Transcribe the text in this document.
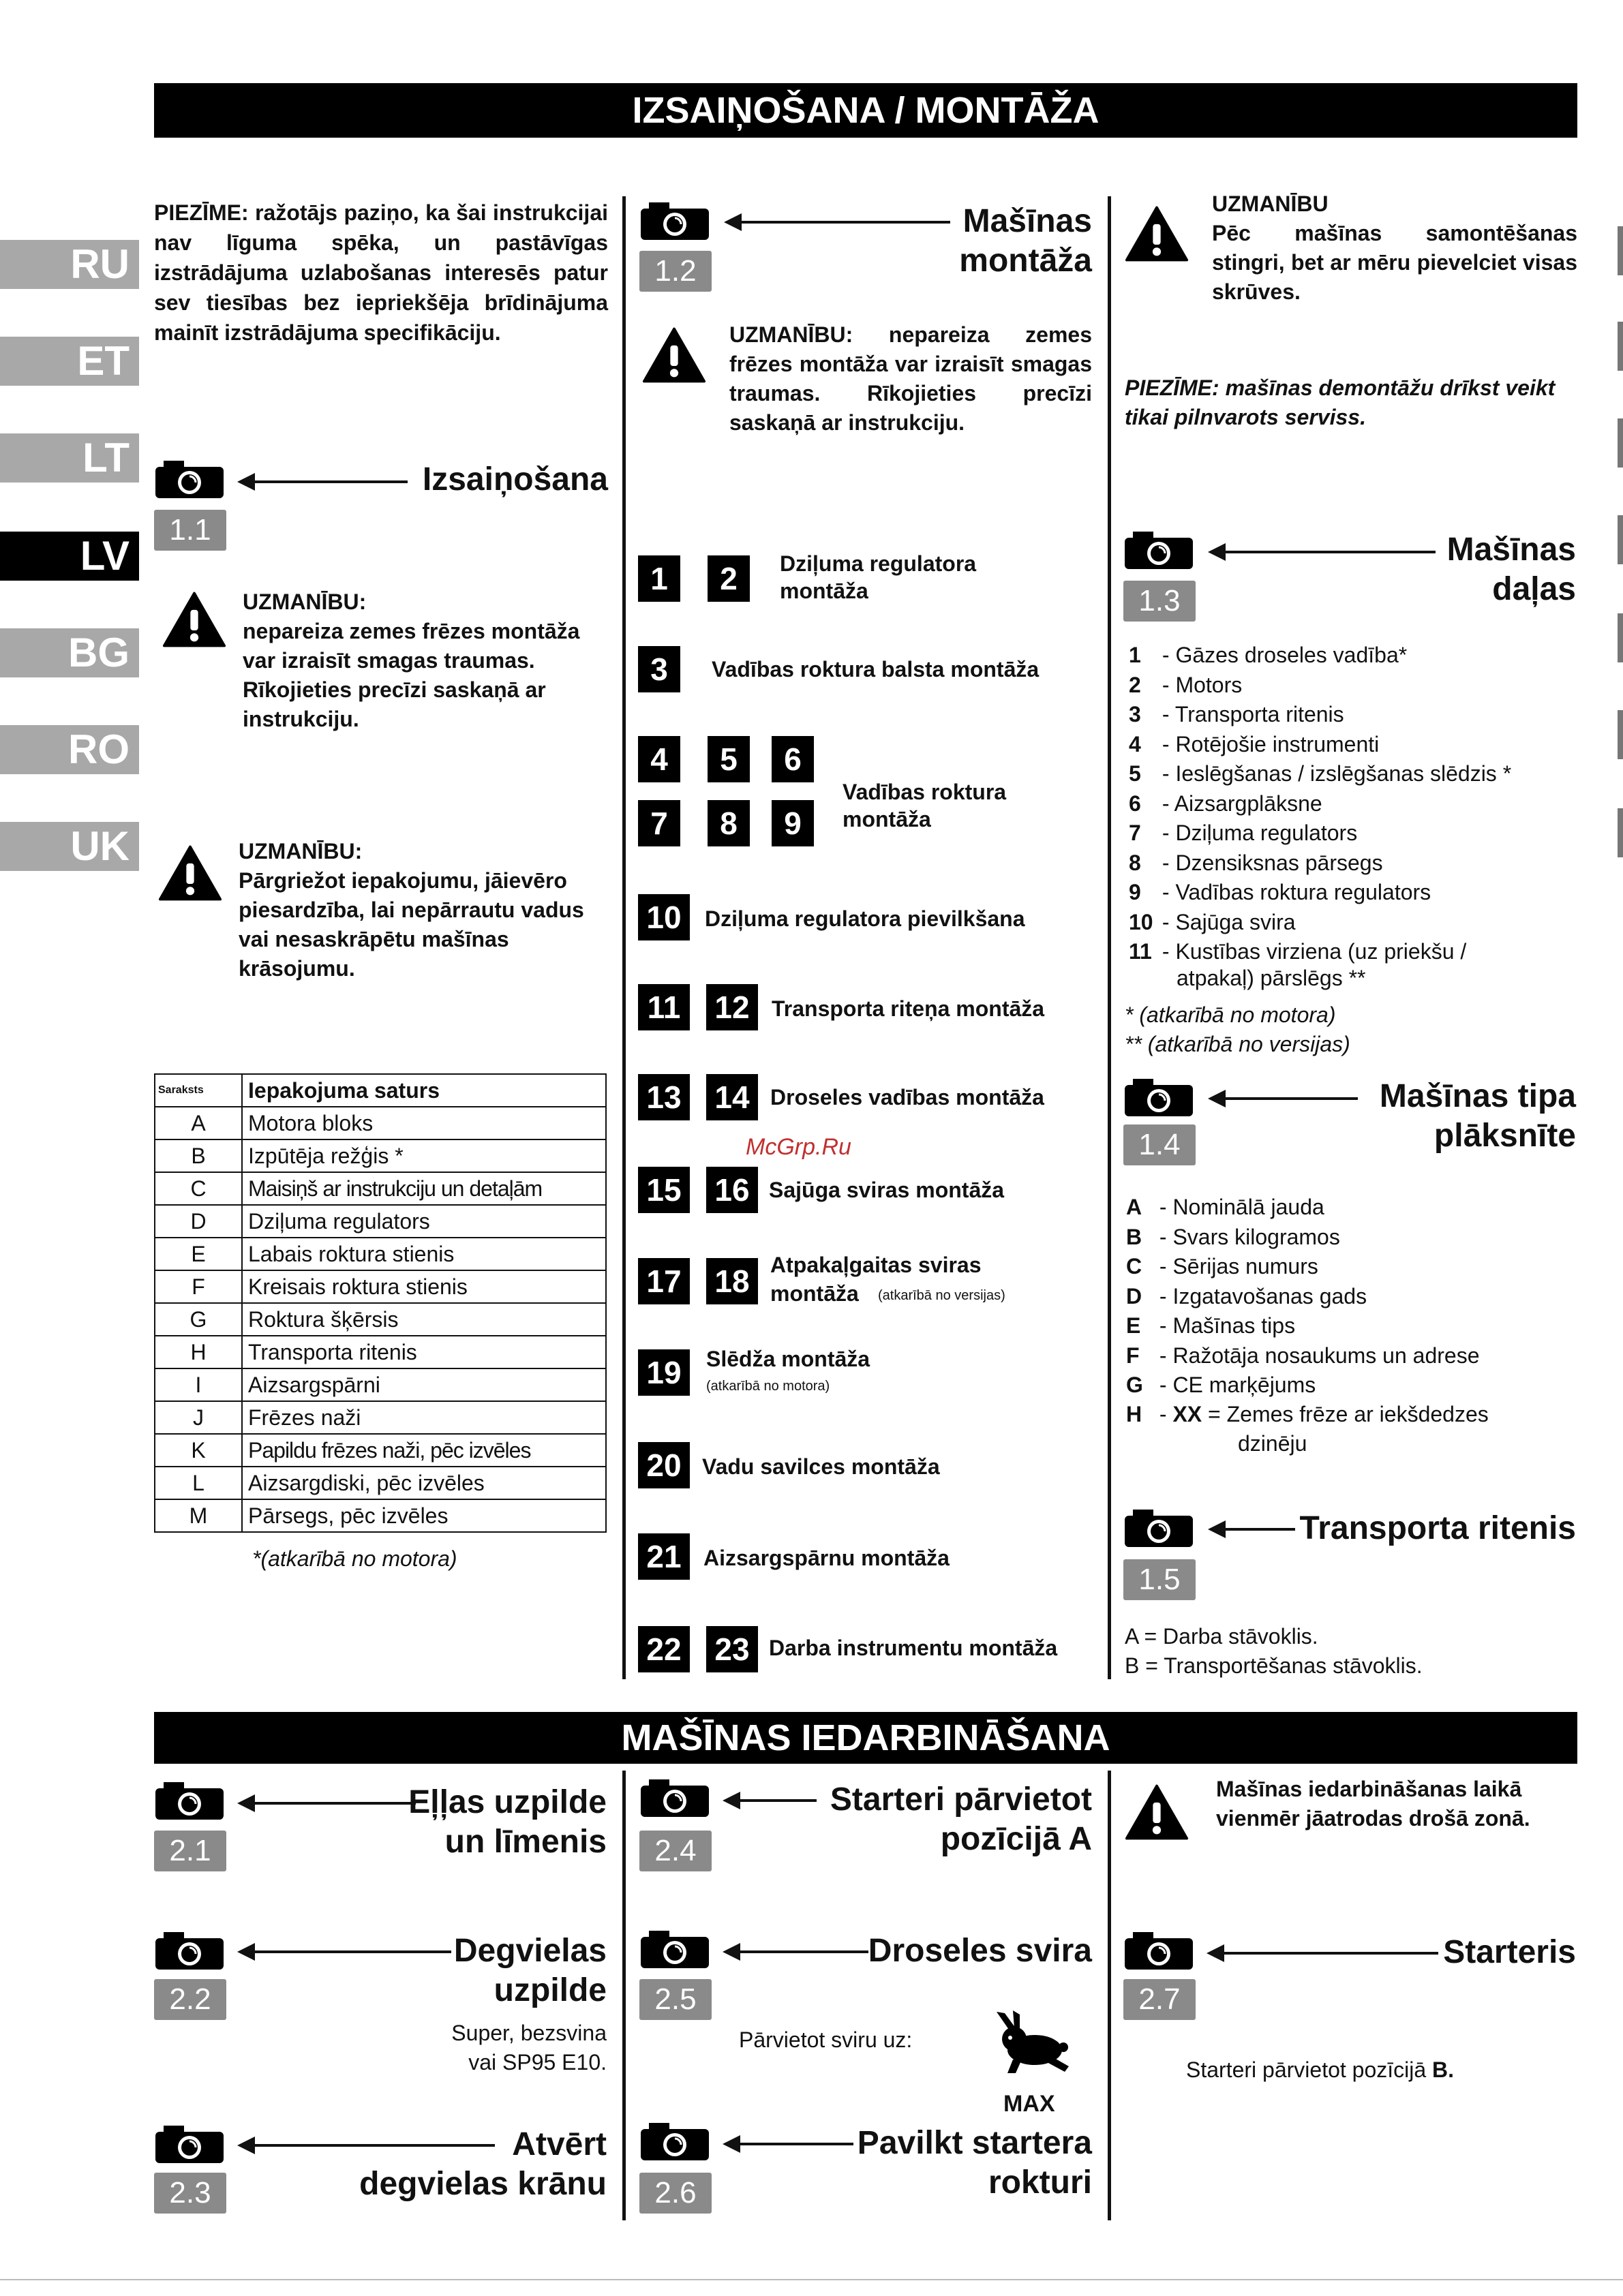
IZSAIŅOŠANA / MONTĀŽA
RU
ET
LT
LV
BG
RO
UK
PIEZĪME: ražotājs paziņo, ka šai instrukcijai nav līguma spēka, un pastāvīgas izstrādājuma uzlabošanas interesēs patur sev tiesības bez iepriekšēja brīdinājuma mainīt izstrādājuma specifikāciju.
Izsaiņošana
1.1
UZMANĪBU:
nepareiza zemes frēzes montāža var izraisīt smagas traumas. Rīkojieties precīzi saskaņā ar instrukciju.
UZMANĪBU:
Pārgriežot iepakojumu, jāievēro piesardzība, lai nepārrautu vadus vai nesaskrāpētu mašīnas krāsojumu.
Saraksts	Iepakojuma saturs
A	Motora bloks
B	Izpūtēja režģis *
C	Maisiņš ar instrukciju un detaļām
D	Dziļuma regulators
E	Labais roktura stienis
F	Kreisais roktura stienis
G	Roktura šķērsis
H	Transporta ritenis
I	Aizsargspārni
J	Frēzes naži
K	Papildu frēzes naži, pēc izvēles
L	Aizsargdiski, pēc izvēles
M	Pārsegs, pēc izvēles
*(atkarībā no motora)
Mašīnas
montāža
1.2
UZMANĪBU: nepareiza zemes frēzes montāža var izraisīt smagas traumas. Rīkojieties precīzi saskaņā ar instrukciju.
1	2	Dziļuma regulatora montāža
3	Vadības roktura balsta montāža
4	5	6
7	8	9
Vadības roktura montāža
10	Dziļuma regulatora pievilkšana
11 12	Transporta riteņa montāža
13 14 Droseles vadības montāža
McGrp.Ru
15 16 Sajūga sviras montāža
17 18 Atpakaļgaitas sviras
montāža (atkarībā no versijas)
19	Slēdža montāža
(atkarībā no motora)
20 Vadu savilces montāža
21	Aizsargspārnu montāža
22 23 Darba instrumentu montāža
UZMANĪBU
Pēc mašīnas samontēšanas stingri, bet ar mēru pievelciet visas skrūves.
PIEZĪME: mašīnas demontāžu drīkst veikt tikai pilnvarots serviss.
Mašīnas
daļas
1.3
1 - Gāzes droseles vadība*
2 - Motors
3 - Transporta ritenis
4 - Rotējošie instrumenti
5 - Ieslēgšanas / izslēgšanas slēdzis *
6 - Aizsargplāksne
7 - Dziļuma regulators
8 - Dzensiksnas pārsegs
9 - Vadības roktura regulators
10 - Sajūga svira
11 - Kustības virziena (uz priekšu /
atpakaļ) pārslēgs **
* (atkarībā no motora)
** (atkarībā no versijas)
Mašīnas tipa
plāksnīte
1.4
A - Nominālā jauda
B - Svars kilogramos
C - Sērijas numurs
D - Izgatavošanas gads
E - Mašīnas tips
F - Ražotāja nosaukums un adrese
G - CE marķējums
H - XX = Zemes frēze ar iekšdedzes
dzinēju
Transporta ritenis
1.5
A = Darba stāvoklis.
B = Transportēšanas stāvoklis.
MAŠĪNAS IEDARBINĀŠANA
Eļļas uzpilde
un līmenis
2.1
Degvielas
uzpilde
2.2
Super, bezsvina
vai SP95 E10.
Atvērt
degvielas krānu
2.3
Starteri pārvietot
pozīcijā A
2.4
Droseles svira
2.5
Pārvietot sviru uz:
MAX
Pavilkt startera
rokturi
2.6
Mašīnas iedarbināšanas laikā vienmēr jāatrodas drošā zonā.
Starteris
2.7
Starteri pārvietot pozīcijā B.
